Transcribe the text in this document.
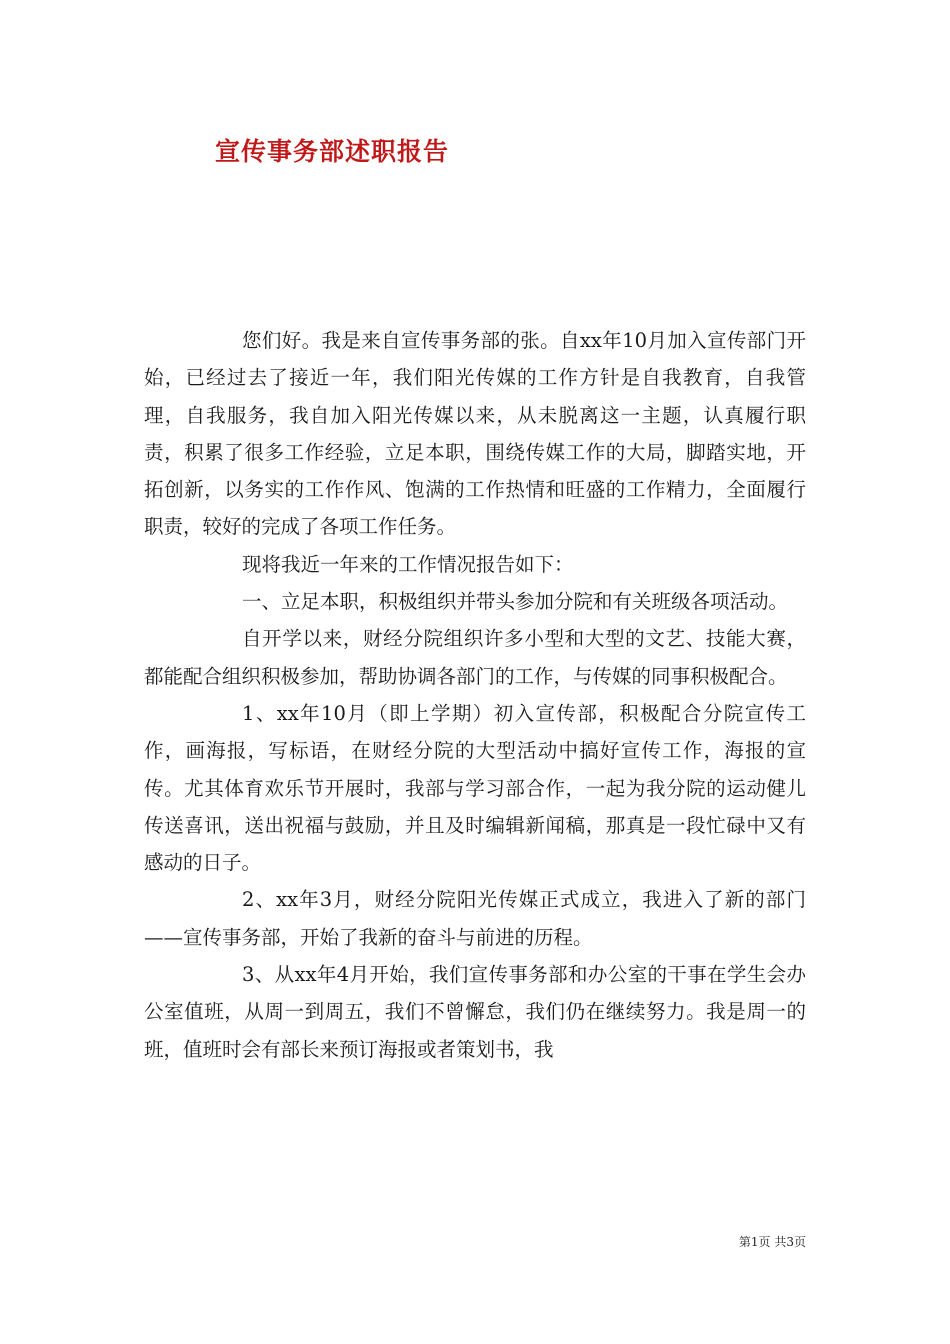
宣传事务部述职报告

您们好。我是来自宣传事务部的张。自xx年10月加入宣传部门开始，已经过去了接近一年，我们阳光传媒的工作方针是自我教育，自我管理，自我服务，我自加入阳光传媒以来，从未脱离这一主题，认真履行职责，积累了很多工作经验，立足本职，围绕传媒工作的大局，脚踏实地，开拓创新，以务实的工作作风、饱满的工作热情和旺盛的工作精力，全面履行职责，较好的完成了各项工作任务。

现将我近一年来的工作情况报告如下：

一、立足本职，积极组织并带头参加分院和有关班级各项活动。

自开学以来，财经分院组织许多小型和大型的文艺、技能大赛，都能配合组织积极参加，帮助协调各部门的工作，与传媒的同事积极配合。

1、xx年10月（即上学期）初入宣传部，积极配合分院宣传工作，画海报，写标语，在财经分院的大型活动中搞好宣传工作，海报的宣传。尤其体育欢乐节开展时，我部与学习部合作，一起为我分院的运动健儿传送喜讯，送出祝福与鼓励，并且及时编辑新闻稿，那真是一段忙碌中又有感动的日子。

2、xx年3月，财经分院阳光传媒正式成立，我进入了新的部门——宣传事务部，开始了我新的奋斗与前进的历程。

3、从xx年4月开始，我们宣传事务部和办公室的干事在学生会办公室值班，从周一到周五，我们不曾懈怠，我们仍在继续努力。我是周一的班，值班时会有部长来预订海报或者策划书，我

第1页 共3页
